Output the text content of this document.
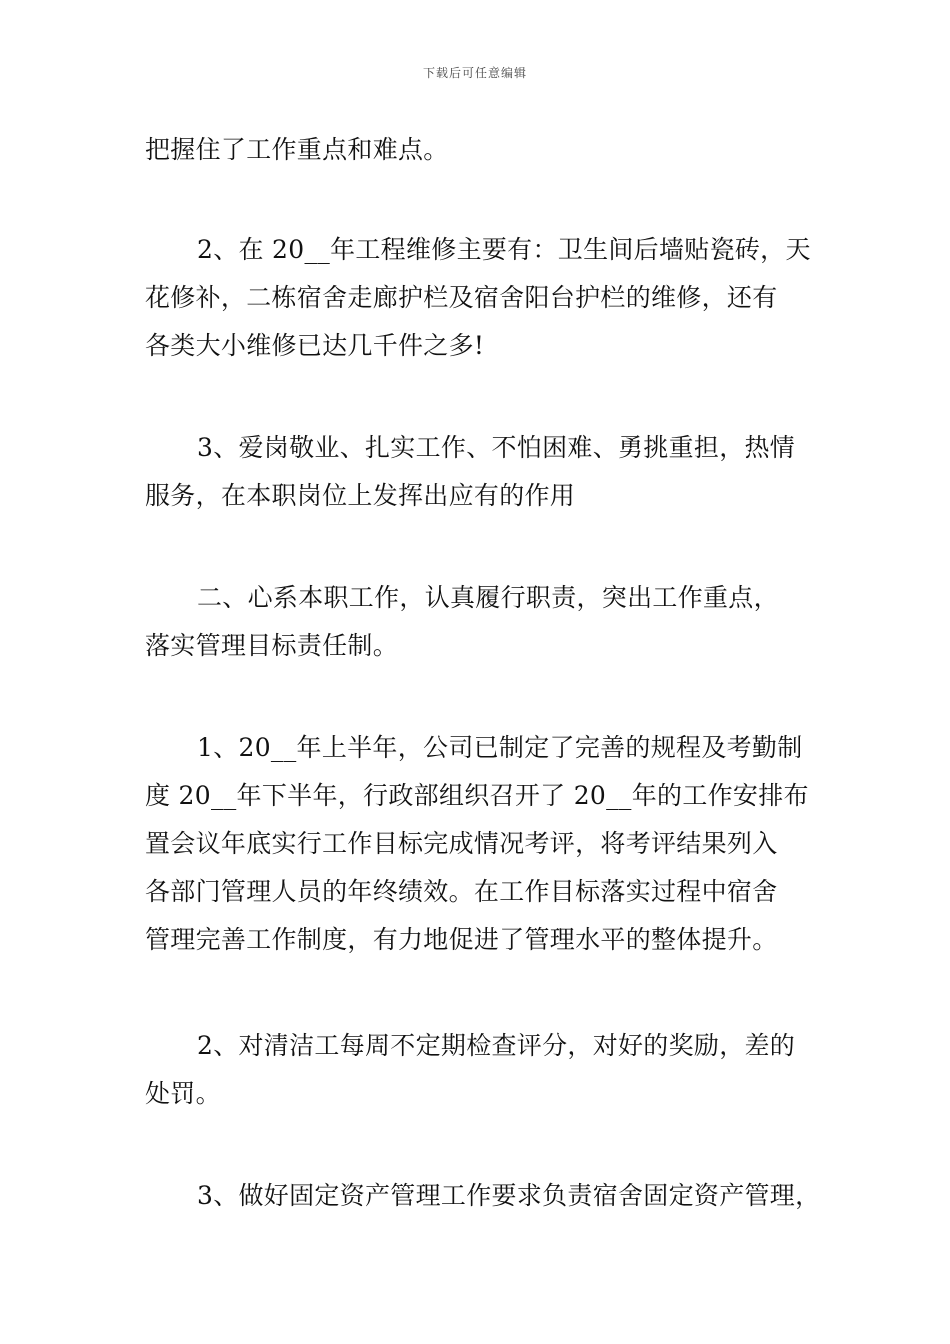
下载后可任意编辑
把握住了工作重点和难点。
2、在 20__年工程维修主要有：卫生间后墙贴瓷砖，天
花修补，二栋宿舍走廊护栏及宿舍阳台护栏的维修，还有
各类大小维修已达几千件之多!
3、爱岗敬业、扎实工作、不怕困难、勇挑重担，热情
服务，在本职岗位上发挥出应有的作用
二、心系本职工作，认真履行职责，突出工作重点，
落实管理目标责任制。
1、20__年上半年，公司已制定了完善的规程及考勤制
度 20__年下半年，行政部组织召开了 20__年的工作安排布
置会议年底实行工作目标完成情况考评，将考评结果列入
各部门管理人员的年终绩效。在工作目标落实过程中宿舍
管理完善工作制度，有力地促进了管理水平的整体提升。
2、对清洁工每周不定期检查评分，对好的奖励，差的
处罚。
3、做好固定资产管理工作要求负责宿舍固定资产管理，
